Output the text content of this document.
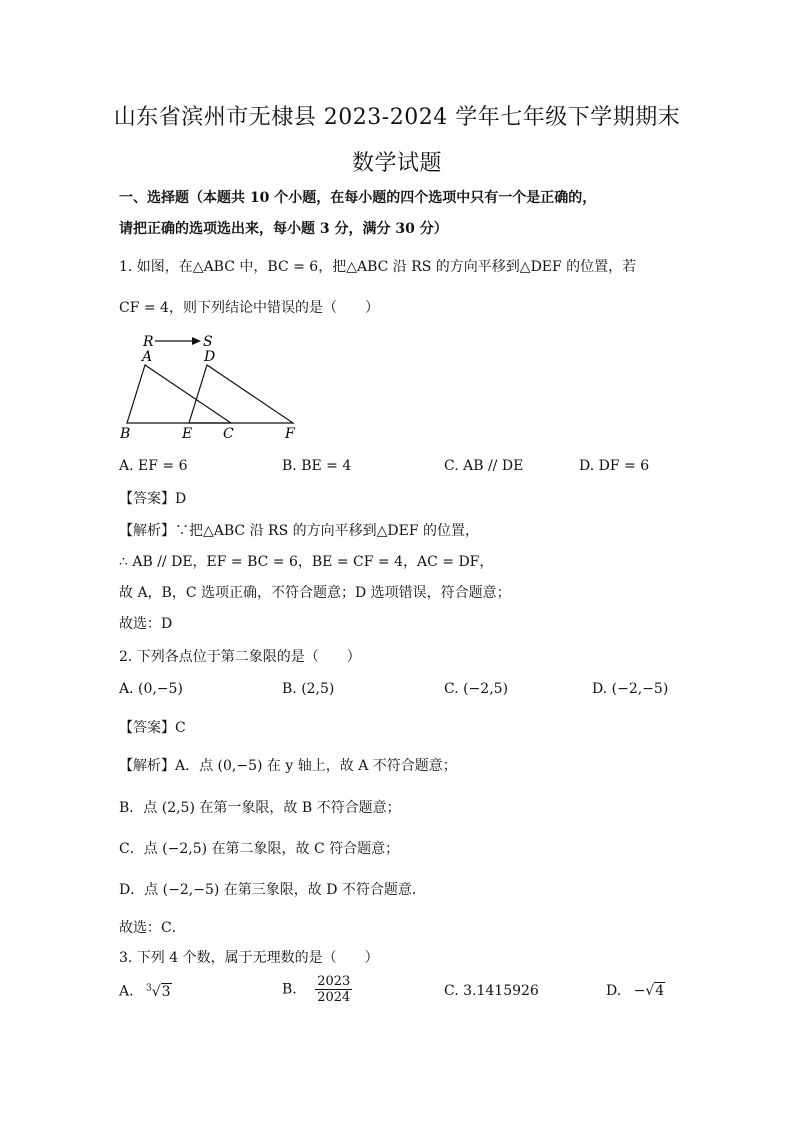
山东省滨州市无棣县 2023-2024 学年七年级下学期期末
数学试题
一、选择题（本题共 10 个小题，在每小题的四个选项中只有一个是正确的，
请把正确的选项选出来，每小题 3 分，满分 30 分）
1. 如图，在△ABC 中，BC = 6，把△ABC 沿 RS 的方向平移到△DEF 的位置，若
CF = 4，则下列结论中错误的是（　　）
R	S
A	D
B	E C	F
A. EF = 6	B. BE = 4	C. AB // DE	D. DF = 6
【答案】D
【解析】∵把△ABC 沿 RS 的方向平移到△DEF 的位置，
∴ AB // DE，EF = BC = 6，BE = CF = 4，AC = DF，
故 A，B，C 选项正确，不符合题意；D 选项错误，符合题意；
故选：D
2. 下列各点位于第二象限的是（　　）
A. (0,−5)	B. (2,5)	C. (−2,5)	D. (−2,−5)
【答案】C
【解析】A．点 (0,−5) 在 y 轴上，故 A 不符合题意；
B．点 (2,5) 在第一象限，故 B 不符合题意；
C．点 (−2,5) 在第二象限，故 C 符合题意；
D．点 (−2,−5) 在第三象限，故 D 不符合题意．
故选：C．
3. 下列 4 个数，属于无理数的是（　　）
A. $^3$√3	B. $\frac{2023}{2024}$	C. 3.1415926	D. −√4
